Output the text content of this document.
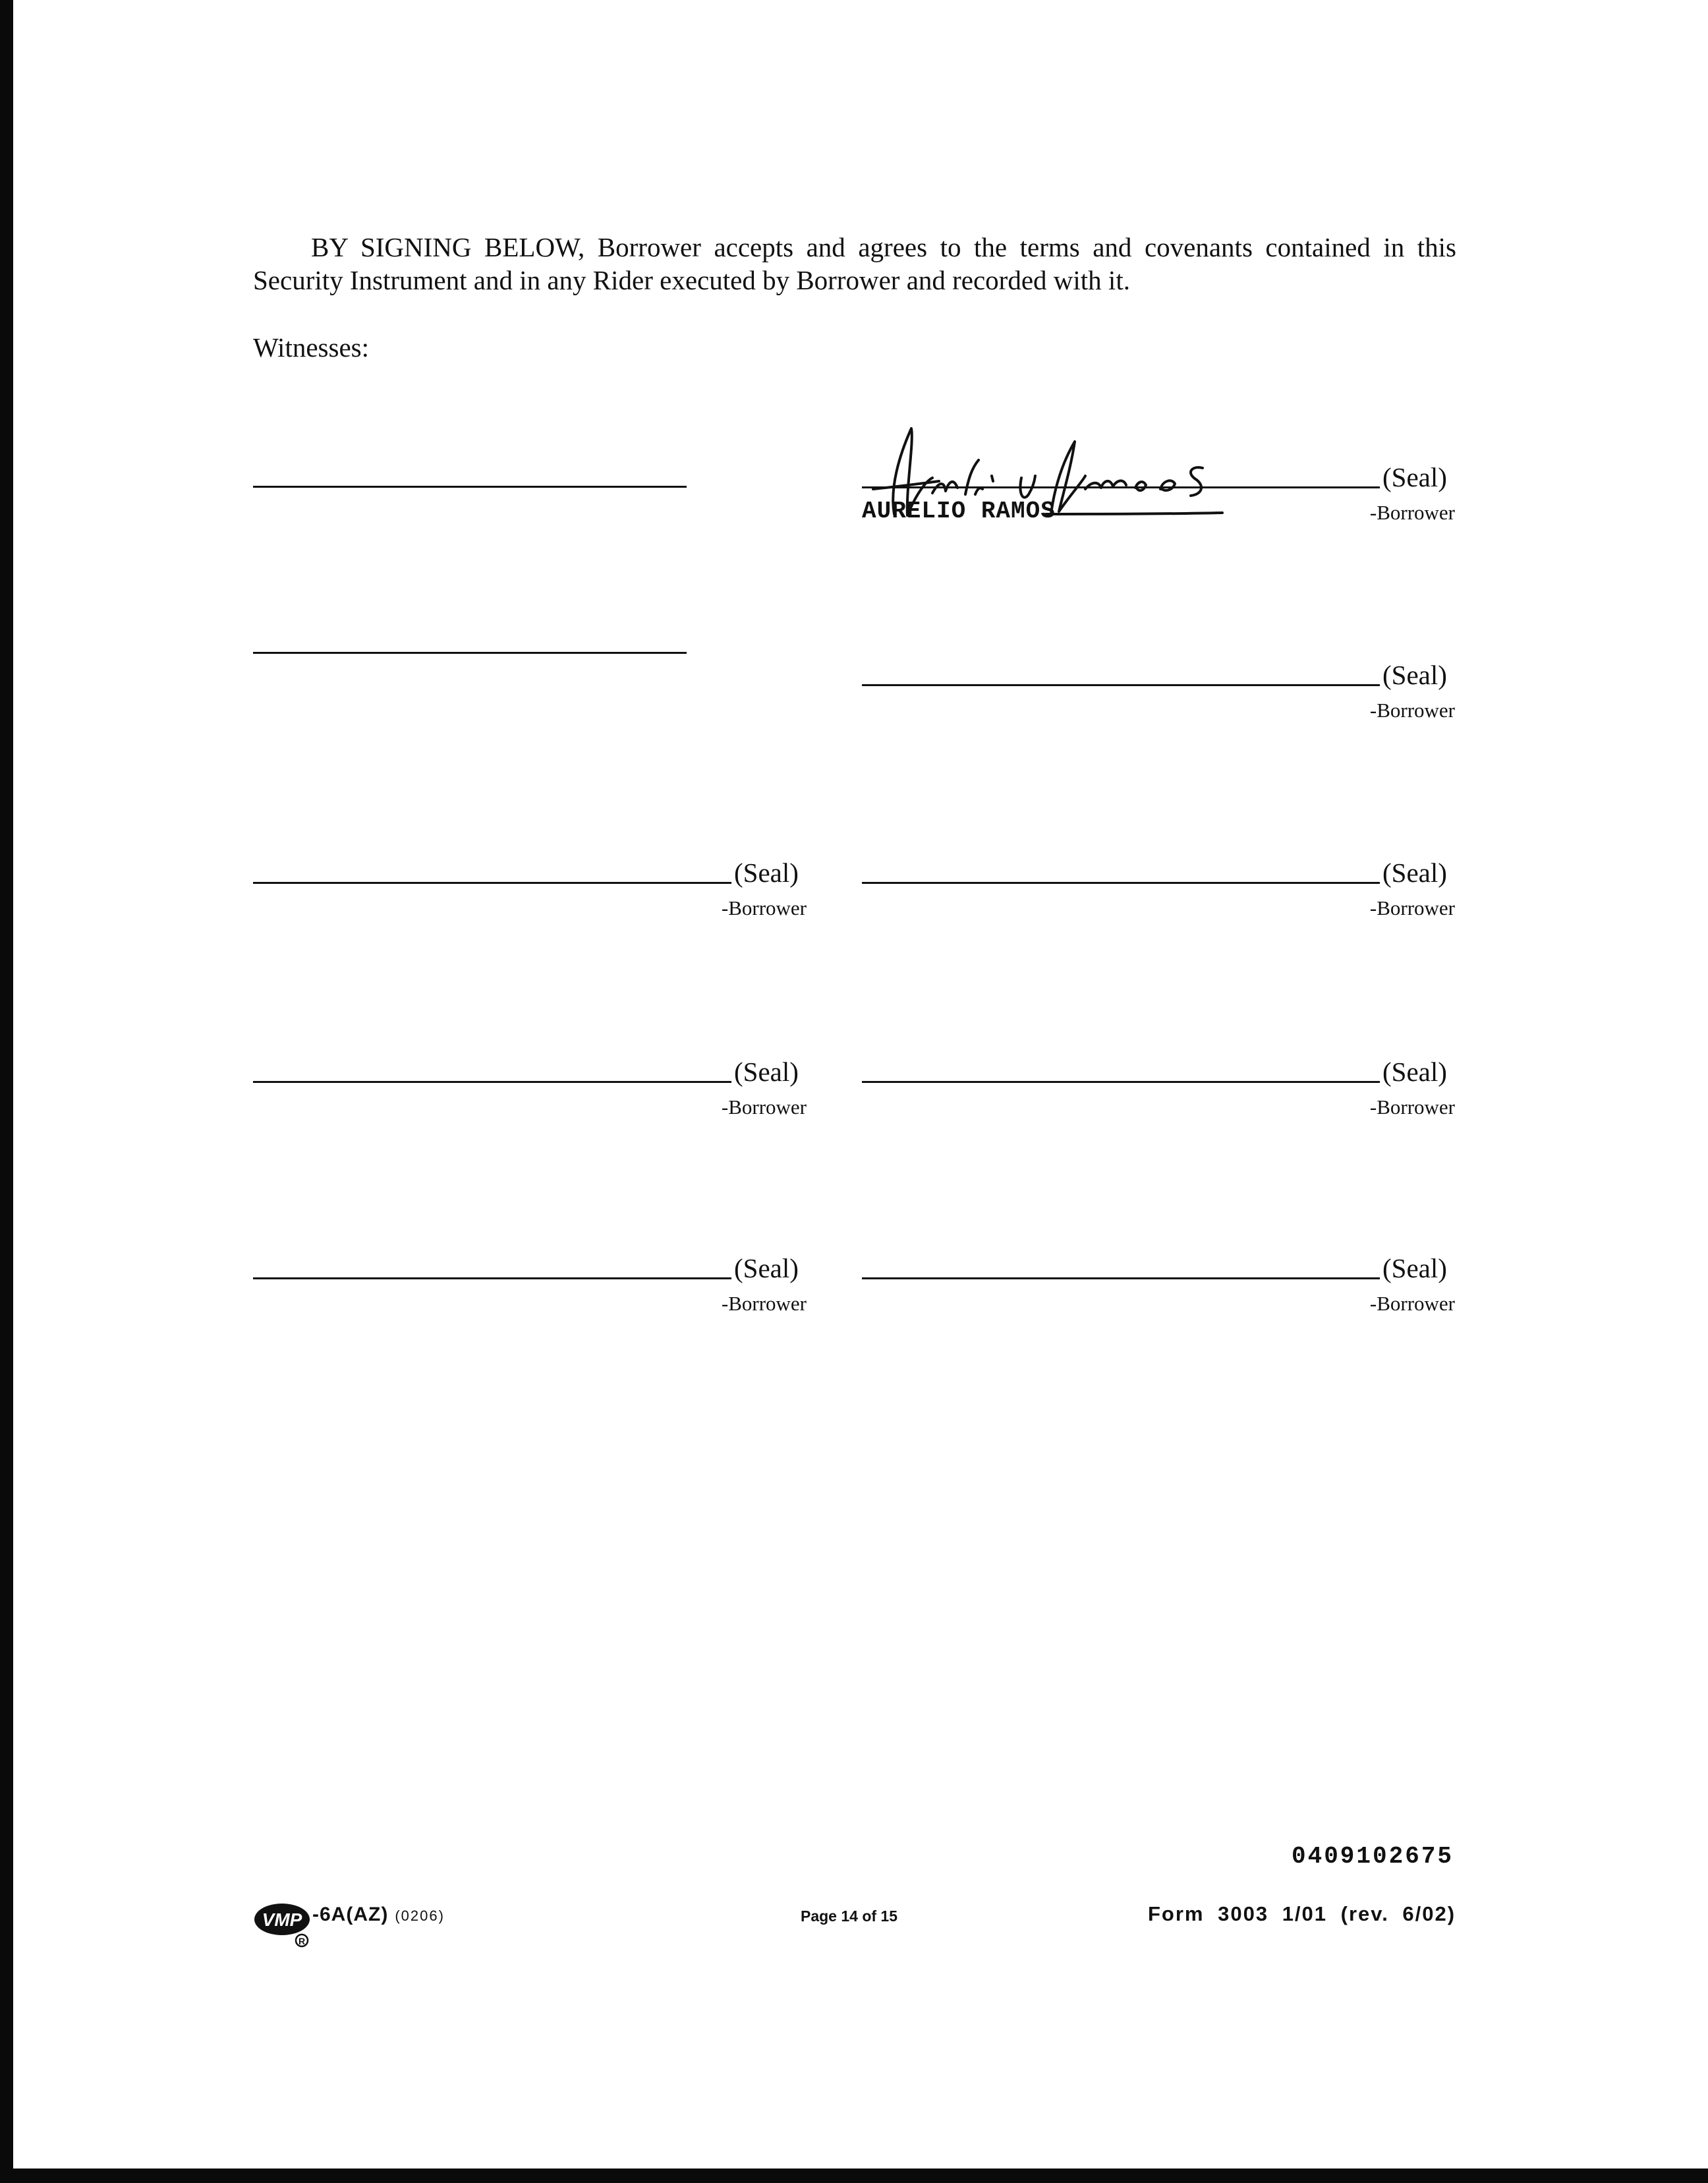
BY SIGNING BELOW, Borrower accepts and agrees to the terms and covenants contained in this Security Instrument and in any Rider executed by Borrower and recorded with it.
Witnesses:
(Seal)
-Borrower
AURELIO RAMOS
(Seal)
-Borrower
(Seal)
-Borrower
(Seal)
-Borrower
(Seal)
-Borrower
(Seal)
-Borrower
(Seal)
-Borrower
(Seal)
-Borrower
0409102675
VMP
R
-6A(AZ) (0206)	Page 14 of 15	Form 3003 1/01 (rev. 6/02)
